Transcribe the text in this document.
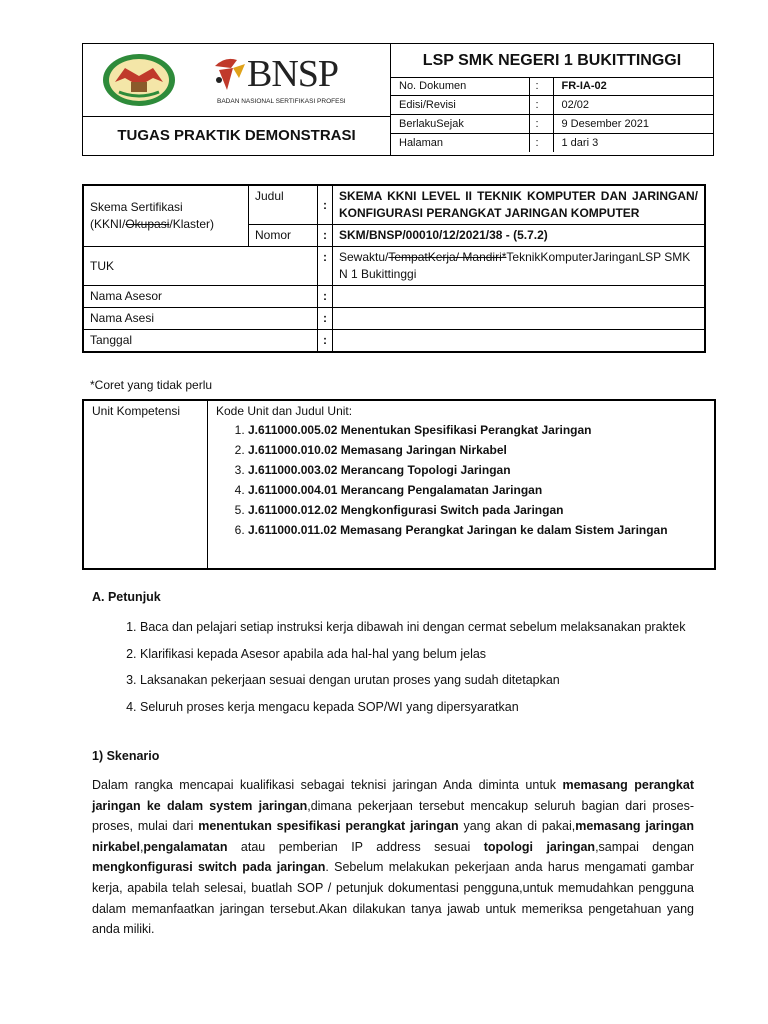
BNSP
BADAN NASIONAL SERTIFIKASI PROFESI
TUGAS PRAKTIK DEMONSTRASI
LSP SMK NEGERI 1 BUKITTINGGI
No. Dokumen	:	FR-IA-02
Edisi/Revisi	:	02/02
BerlakuSejak	:	9 Desember 2021
Halaman	:	1 dari 3
Skema Sertifikasi
(KKNI/Okupasi/Klaster)	Judul	:	SKEMA KKNI LEVEL II TEKNIK KOMPUTER DAN JARINGAN/ KONFIGURASI PERANGKAT JARINGAN KOMPUTER
	Nomor	:	SKM/BNSP/00010/12/2021/38 - (5.7.2)
TUK		:	Sewaktu/TempatKerja/ Mandiri*TeknikKomputerJaringanLSP SMK N 1 Bukittinggi
Nama Asesor		:	
Nama Asesi		:	
Tanggal		:	
*Coret yang tidak perlu
Unit Kompetensi	Kode Unit dan Judul Unit:
1. J.611000.005.02 Menentukan Spesifikasi Perangkat Jaringan
2. J.611000.010.02 Memasang Jaringan Nirkabel
3. J.611000.003.02 Merancang Topologi Jaringan
4. J.611000.004.01 Merancang Pengalamatan Jaringan
5. J.611000.012.02 Mengkonfigurasi Switch pada Jaringan
6. J.611000.011.02 Memasang Perangkat Jaringan ke dalam Sistem Jaringan
A. Petunjuk
1. Baca dan pelajari setiap instruksi kerja dibawah ini dengan cermat sebelum melaksanakan praktek
2. Klarifikasi kepada Asesor apabila ada hal-hal yang belum jelas
3. Laksanakan pekerjaan sesuai dengan urutan proses yang sudah ditetapkan
4. Seluruh proses kerja mengacu kepada SOP/WI yang dipersyaratkan
1) Skenario
Dalam rangka mencapai kualifikasi sebagai teknisi jaringan Anda diminta untuk memasang perangkat jaringan ke dalam system jaringan,dimana pekerjaan tersebut mencakup seluruh bagian dari proses-proses, mulai dari menentukan spesifikasi perangkat jaringan yang akan di pakai,memasang jaringan nirkabel,pengalamatan atau pemberian IP address sesuai topologi jaringan,sampai dengan mengkonfigurasi switch pada jaringan. Sebelum melakukan pekerjaan anda harus mengamati gambar kerja, apabila telah selesai, buatlah SOP / petunjuk dokumentasi pengguna,untuk memudahkan pengguna dalam memanfaatkan jaringan tersebut.Akan dilakukan tanya jawab untuk memeriksa pengetahuan yang anda miliki.
